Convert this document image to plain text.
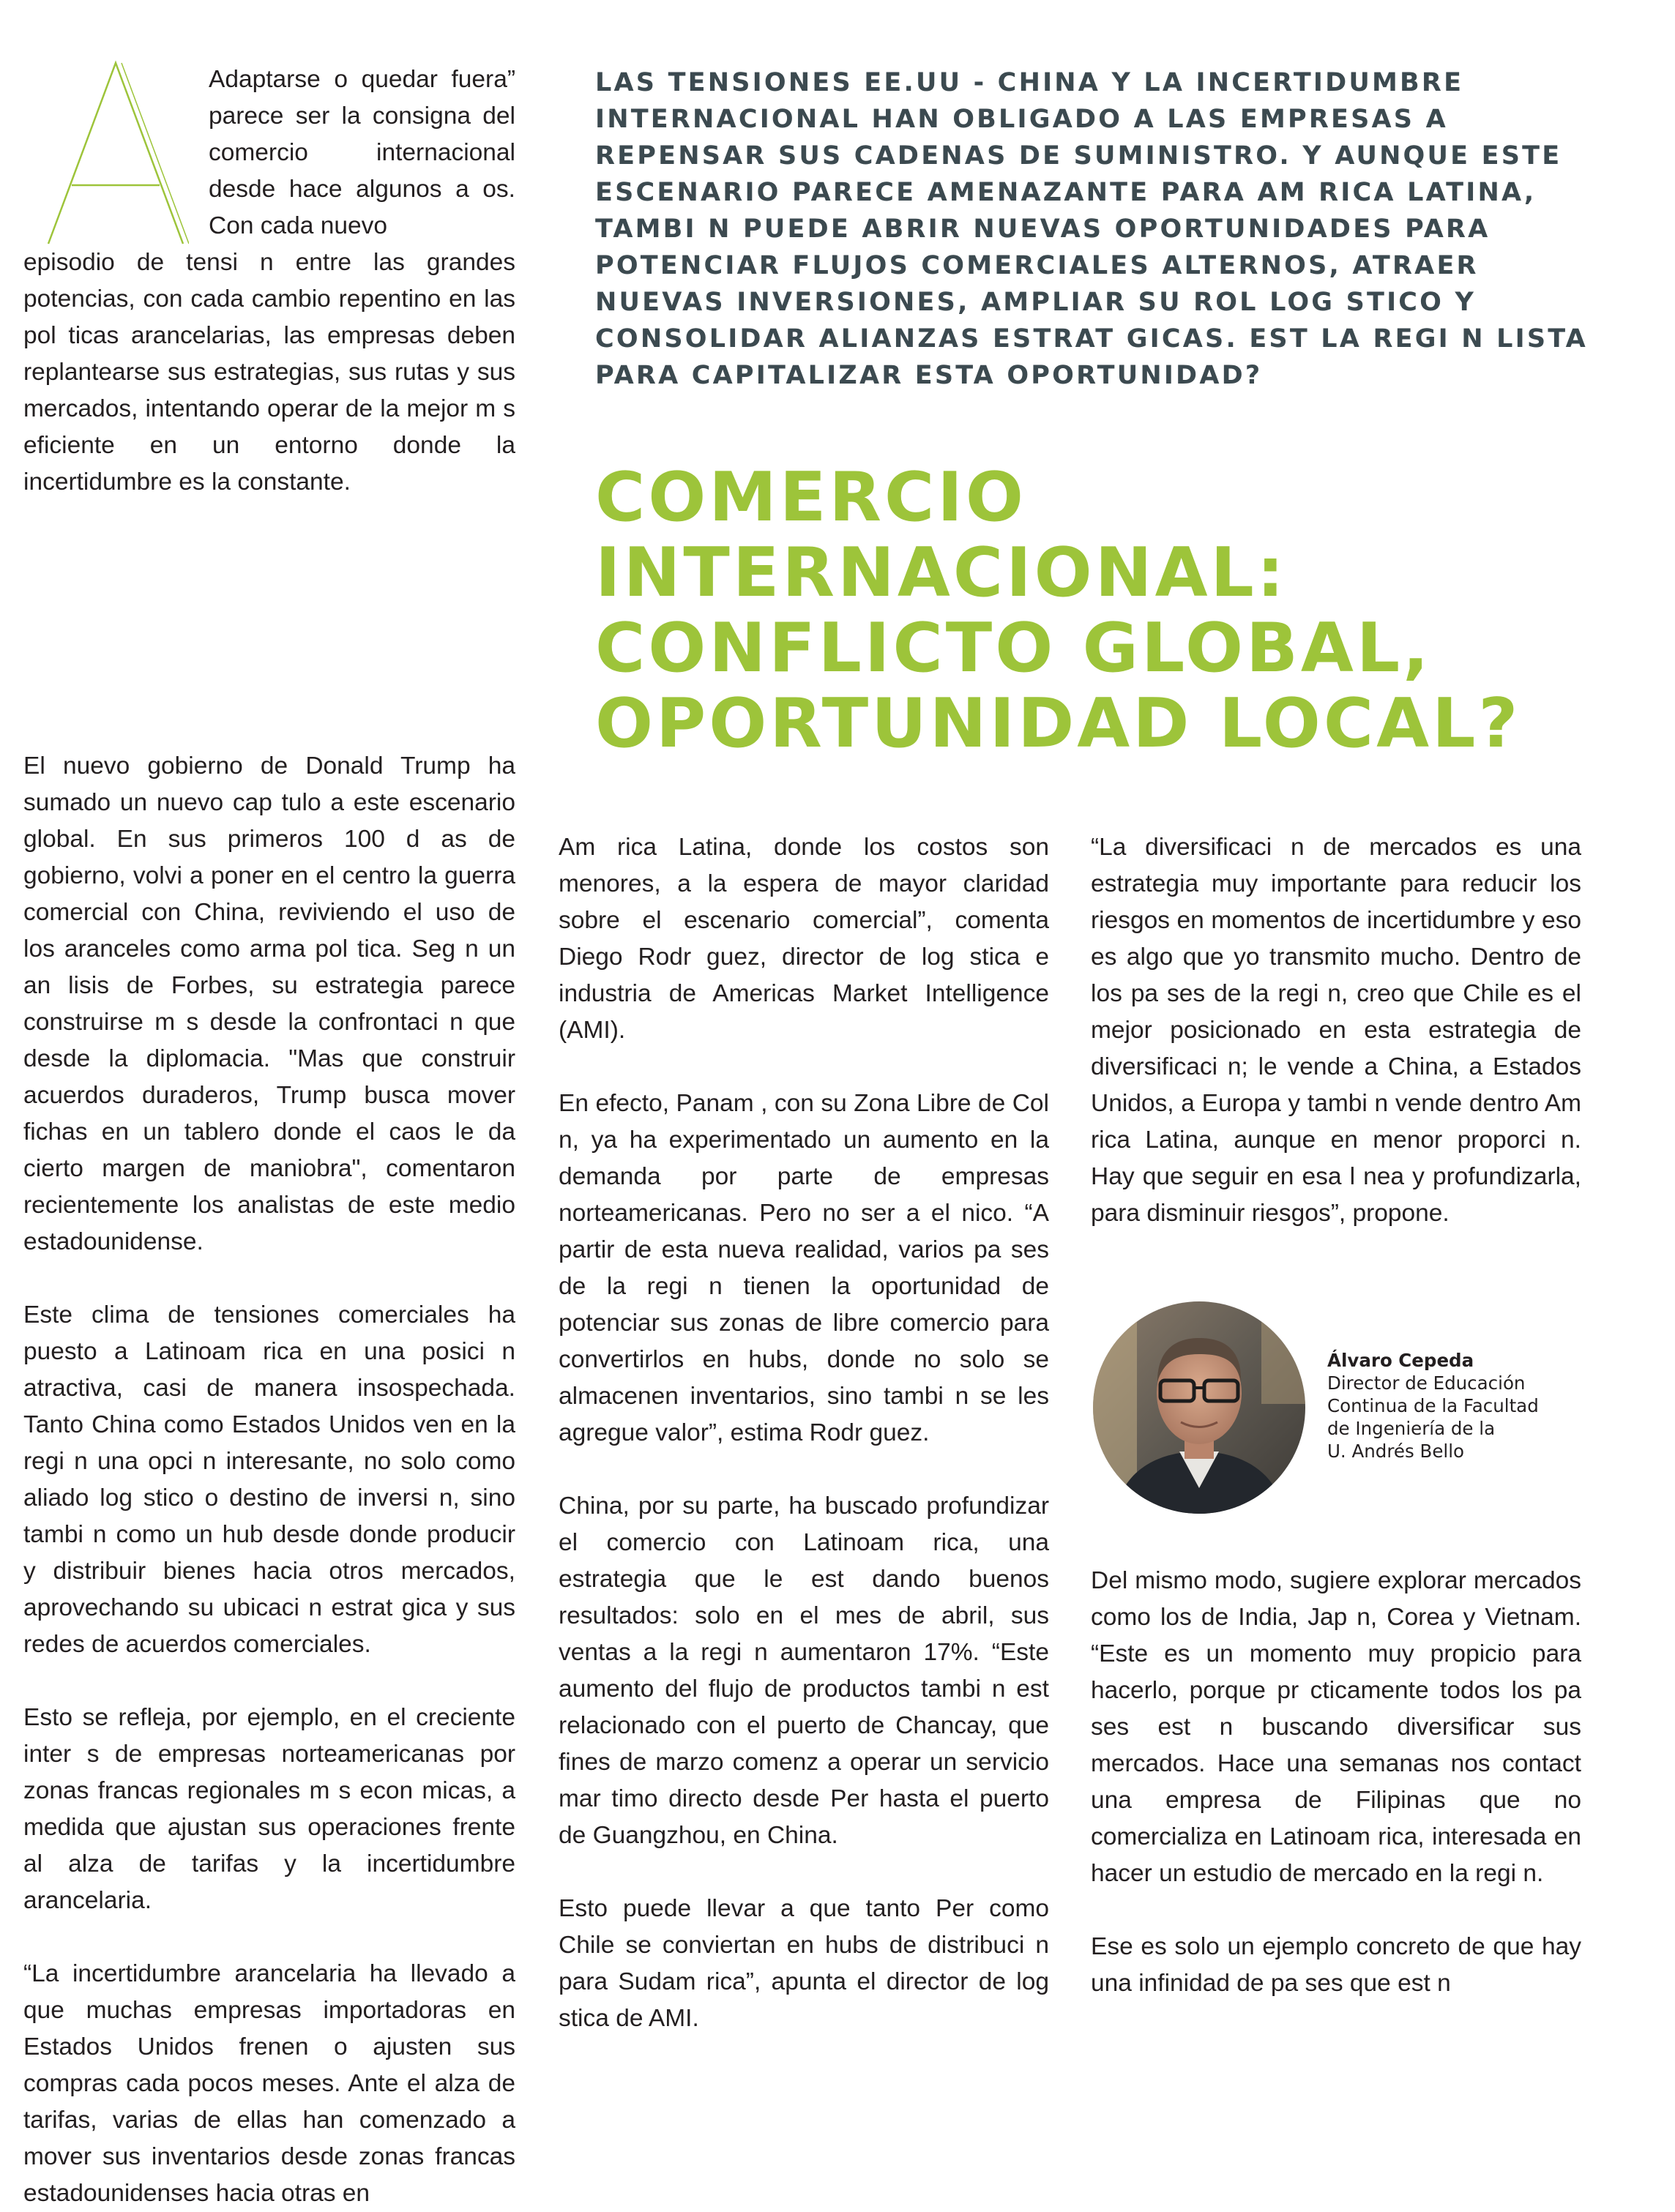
Adaptarse o quedar fuera” parece ser la consigna del comercio internacional desde hace algunos a os. Con cada nuevo
episodio de tensi n entre las grandes potencias, con cada cambio repentino en las pol ticas arancelarias, las empresas deben replantearse sus estrategias, sus rutas y sus mercados, intentando operar de la mejor m s eficiente en un entorno donde la incertidumbre es la constante.
LAS TENSIONES EE.UU - CHINA Y LA INCERTIDUMBRE INTERNACIONAL HAN OBLIGADO A LAS EMPRESAS A REPENSAR SUS CADENAS DE SUMINISTRO. Y AUNQUE ESTE ESCENARIO PARECE AMENAZANTE PARA AM RICA LATINA, TAMBI N PUEDE ABRIR NUEVAS OPORTUNIDADES PARA POTENCIAR FLUJOS COMERCIALES ALTERNOS, ATRAER NUEVAS INVERSIONES, AMPLIAR SU ROL LOG STICO Y CONSOLIDAR ALIANZAS ESTRAT GICAS. EST LA REGI N LISTA PARA CAPITALIZAR ESTA OPORTUNIDAD?
COMERCIO
INTERNACIONAL:
CONFLICTO GLOBAL,
OPORTUNIDAD LOCAL?

El nuevo gobierno de Donald Trump ha sumado un nuevo cap tulo a este escenario global. En sus primeros 100 d as de gobierno, volvi a poner en el centro la guerra comercial con China, reviviendo el uso de los aranceles como arma pol tica. Seg n un an lisis de Forbes, su estrategia parece construirse m s desde la confrontaci n que desde la diplomacia. "Mas que construir acuerdos duraderos, Trump busca mover fichas en un tablero donde el caos le da cierto margen de maniobra", comentaron recientemente los analistas de este medio estadounidense.

Este clima de tensiones comerciales ha puesto a Latinoam rica en una posici n atractiva, casi de manera insospechada. Tanto China como Estados Unidos ven en la regi n una opci n interesante, no solo como aliado log stico o destino de inversi n, sino tambi n como un hub desde donde producir y distribuir bienes hacia otros mercados, aprovechando su ubicaci n estrat gica y sus redes de acuerdos comerciales.

Esto se refleja, por ejemplo, en el creciente inter s de empresas norteamericanas por zonas francas regionales m s econ micas, a medida que ajustan sus operaciones frente al alza de tarifas y la incertidumbre arancelaria.

“La incertidumbre arancelaria ha llevado a que muchas empresas importadoras en Estados Unidos frenen o ajusten sus compras cada pocos meses. Ante el alza de tarifas, varias de ellas han comenzado a mover sus inventarios desde zonas francas estadounidenses hacia otras en

Am rica Latina, donde los costos son menores, a la espera de mayor claridad sobre el escenario comercial”, comenta Diego Rodr guez, director de log stica e industria de Americas Market Intelligence (AMI).

En efecto, Panam , con su Zona Libre de Col n, ya ha experimentado un aumento en la demanda por parte de empresas norteamericanas. Pero no ser a el nico. “A partir de esta nueva realidad, varios pa ses de la regi n tienen la oportunidad de potenciar sus zonas de libre comercio para convertirlos en hubs, donde no solo se almacenen inventarios, sino tambi n se les agregue valor”, estima Rodr guez.

China, por su parte, ha buscado profundizar el comercio con Latinoam rica, una estrategia que le est dando buenos resultados: solo en el mes de abril, sus ventas a la regi n aumentaron 17%. “Este aumento del flujo de productos tambi n est relacionado con el puerto de Chancay, que fines de marzo comenz a operar un servicio mar timo directo desde Per hasta el puerto de Guangzhou, en China.

Esto puede llevar a que tanto Per como Chile se conviertan en hubs de distribuci n para Sudam rica”, apunta el director de log stica de AMI.

“La diversificaci n de mercados es una estrategia muy importante para reducir los riesgos en momentos de incertidumbre y eso es algo que yo transmito mucho. Dentro de los pa ses de la regi n, creo que Chile es el mejor posicionado en esta estrategia de diversificaci n; le vende a China, a Estados Unidos, a Europa y tambi n vende dentro Am rica Latina, aunque en menor proporci n. Hay que seguir en esa l nea y profundizarla, para disminuir riesgos”, propone.

Álvaro Cepeda
Director de Educación
Continua de la Facultad
de Ingeniería de la
U. Andrés Bello

Del mismo modo, sugiere explorar mercados como los de India, Jap n, Corea y Vietnam. “Este es un momento muy propicio para hacerlo, porque pr cticamente todos los pa ses est n buscando diversificar sus mercados. Hace una semanas nos contact una empresa de Filipinas que no comercializa en Latinoam rica, interesada en hacer un estudio de mercado en la regi n.

Ese es solo un ejemplo concreto de que hay una infinidad de pa ses que est n
